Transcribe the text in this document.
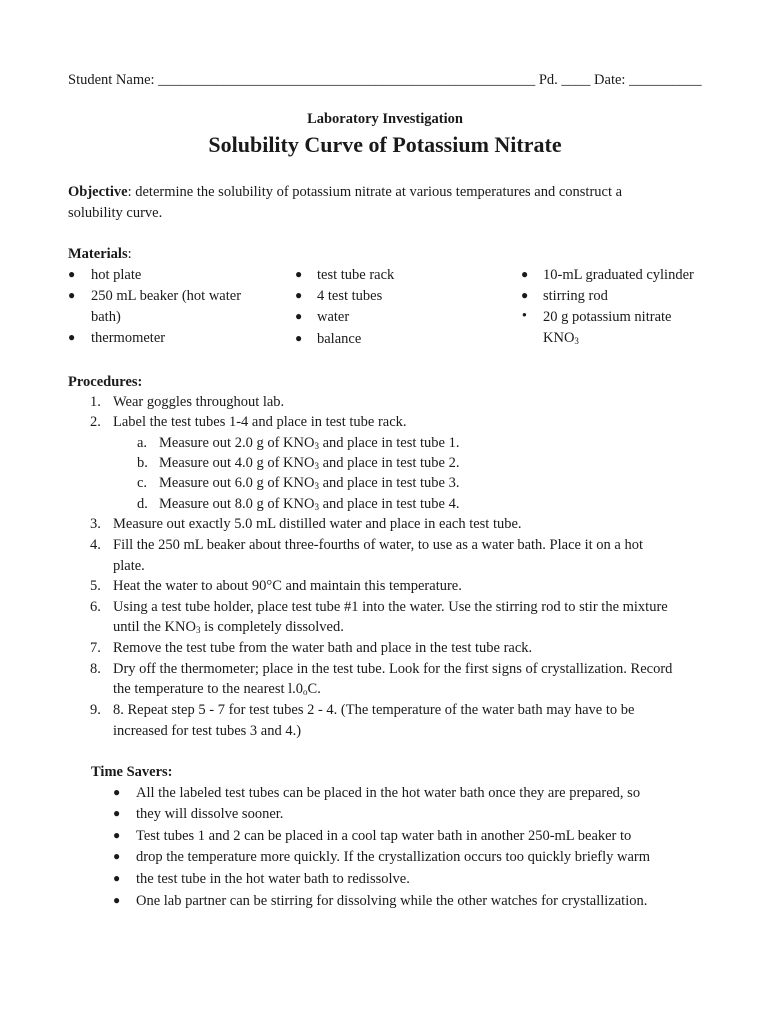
Student Name: ____________________________________________________ Pd. ____ Date: __________
Laboratory Investigation
Solubility Curve of Potassium Nitrate
Objective: determine the solubility of potassium nitrate at various temperatures and construct a
solubility curve.
Materials:
● hot plate
● 250 mL beaker (hot water
bath)
● thermometer
● test tube rack
● 4 test tubes
● water
● balance
● 10-mL graduated cylinder
● stirring rod
● 20 g potassium nitrate
$KNO_3$
Procedures:
1. Wear goggles throughout lab.
2. Label the test tubes 1-4 and place in test tube rack.
a. Measure out 2.0 g of $KNO_3$ and place in test tube 1.
b. Measure out 4.0 g of $KNO_3$ and place in test tube 2.
c. Measure out 6.0 g of $KNO_3$ and place in test tube 3.
d. Measure out 8.0 g of $KNO_3$ and place in test tube 4.
3. Measure out exactly 5.0 mL distilled water and place in each test tube.
4. Fill the 250 mL beaker about three-fourths of water, to use as a water bath. Place it on a hot
plate.
5. Heat the water to about 90°C and maintain this temperature.
6. Using a test tube holder, place test tube #1 into the water. Use the stirring rod to stir the mixture
until the $KNO_3$ is completely dissolved.
7. Remove the test tube from the water bath and place in the test tube rack.
8. Dry off the thermometer; place in the test tube. Look for the first signs of crystallization. Record
the temperature to the nearest $l.0_oC$.
9. 8. Repeat step 5 - 7 for test tubes 2 - 4. (The temperature of the water bath may have to be
increased for test tubes 3 and 4.)
Time Savers:
● All the labeled test tubes can be placed in the hot water bath once they are prepared, so
● they will dissolve sooner.
● Test tubes 1 and 2 can be placed in a cool tap water bath in another 250-mL beaker to
● drop the temperature more quickly. If the crystallization occurs too quickly briefly warm
● the test tube in the hot water bath to redissolve.
● One lab partner can be stirring for dissolving while the other watches for crystallization.
